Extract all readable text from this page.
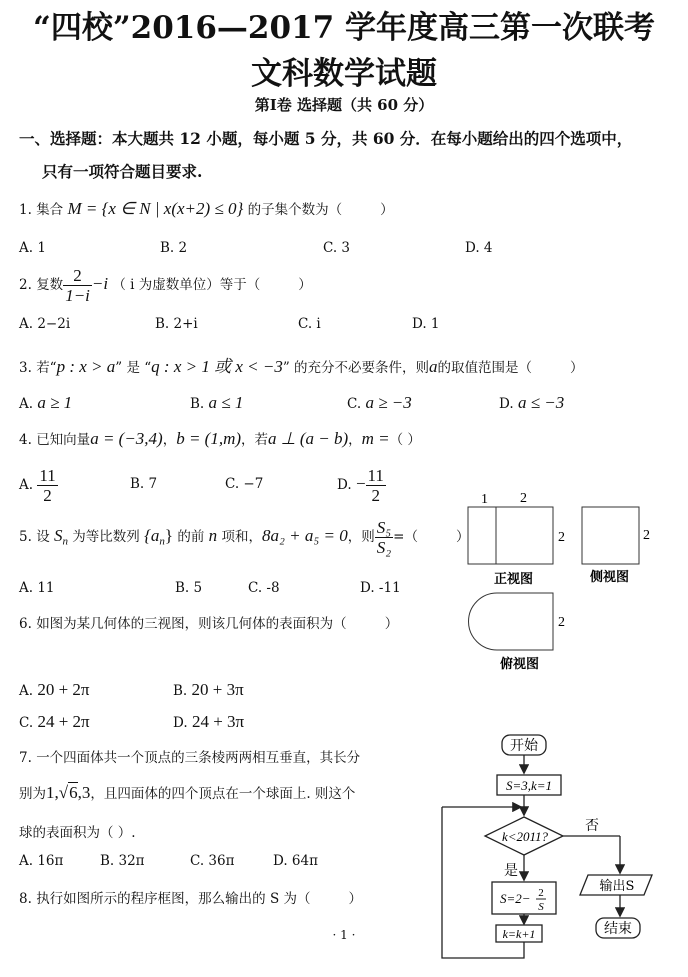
“四校”2016—2017 学年度高三第一次联考
文科数学试题
第Ⅰ卷 选择题（共 60 分）
一、选择题：本大题共 12 小题，每小题 5 分，共 60 分．在每小题给出的四个选项中，
只有一项符合题目要求.
1. 集合 M = {x ∈ N | x(x+2) ≤ 0} 的子集个数为（	）
A. 1	B. 2	C. 3	D. 4
2. 复数 $\frac{2}{1-i} -i$ （ i 为虚数单位）等于（	）
A. 2−2i	B. 2+i	C. i	D. 1
3. 若“p : x > a” 是 “q : x > 1 或 x < −3” 的充分不必要条件，则a的取值范围是（	）
A. a ≥ 1	B. a ≤ 1	C. a ≥ −3	D. a ≤ −3
4. 已知向量a = (−3,4)，b = (1,m)，若a ⊥ (a − b)，m =（ ）
A. $\frac{11}{2}$	B. 7	C. −7	D. − $\frac{11}{2}$
5. 设 $S_n$ 为等比数列 $\{a_n\}$ 的前 n 项和，8a₂ + a₅ = 0，则 $\frac{\text{S₅}}{\text{S₂}}$ =（	）
A. 11	B. 5	C. -8	D. -11
6. 如图为某几何体的三视图，则该几何体的表面积为（	）
A. 20 + 2π	B. 20 + 3π
C. 24 + 2π	D. 24 + 3π
7. 一个四面体共一个顶点的三条棱两两相互垂直，其长分
别为1,√6,3，且四面体的四个顶点在一个球面上. 则这个
球的表面积为（ ）.
A. 16π	B. 32π	C. 36π	D. 64π
8. 执行如图所示的程序框图，那么输出的 S 为（	）
1 2
2	2
2
正视图	侧视图
俯视图
开始
S=3,k=1
k<2011?
否
输出S
结束
是
S=2− 2
S
k=k+1
· 1 ·
